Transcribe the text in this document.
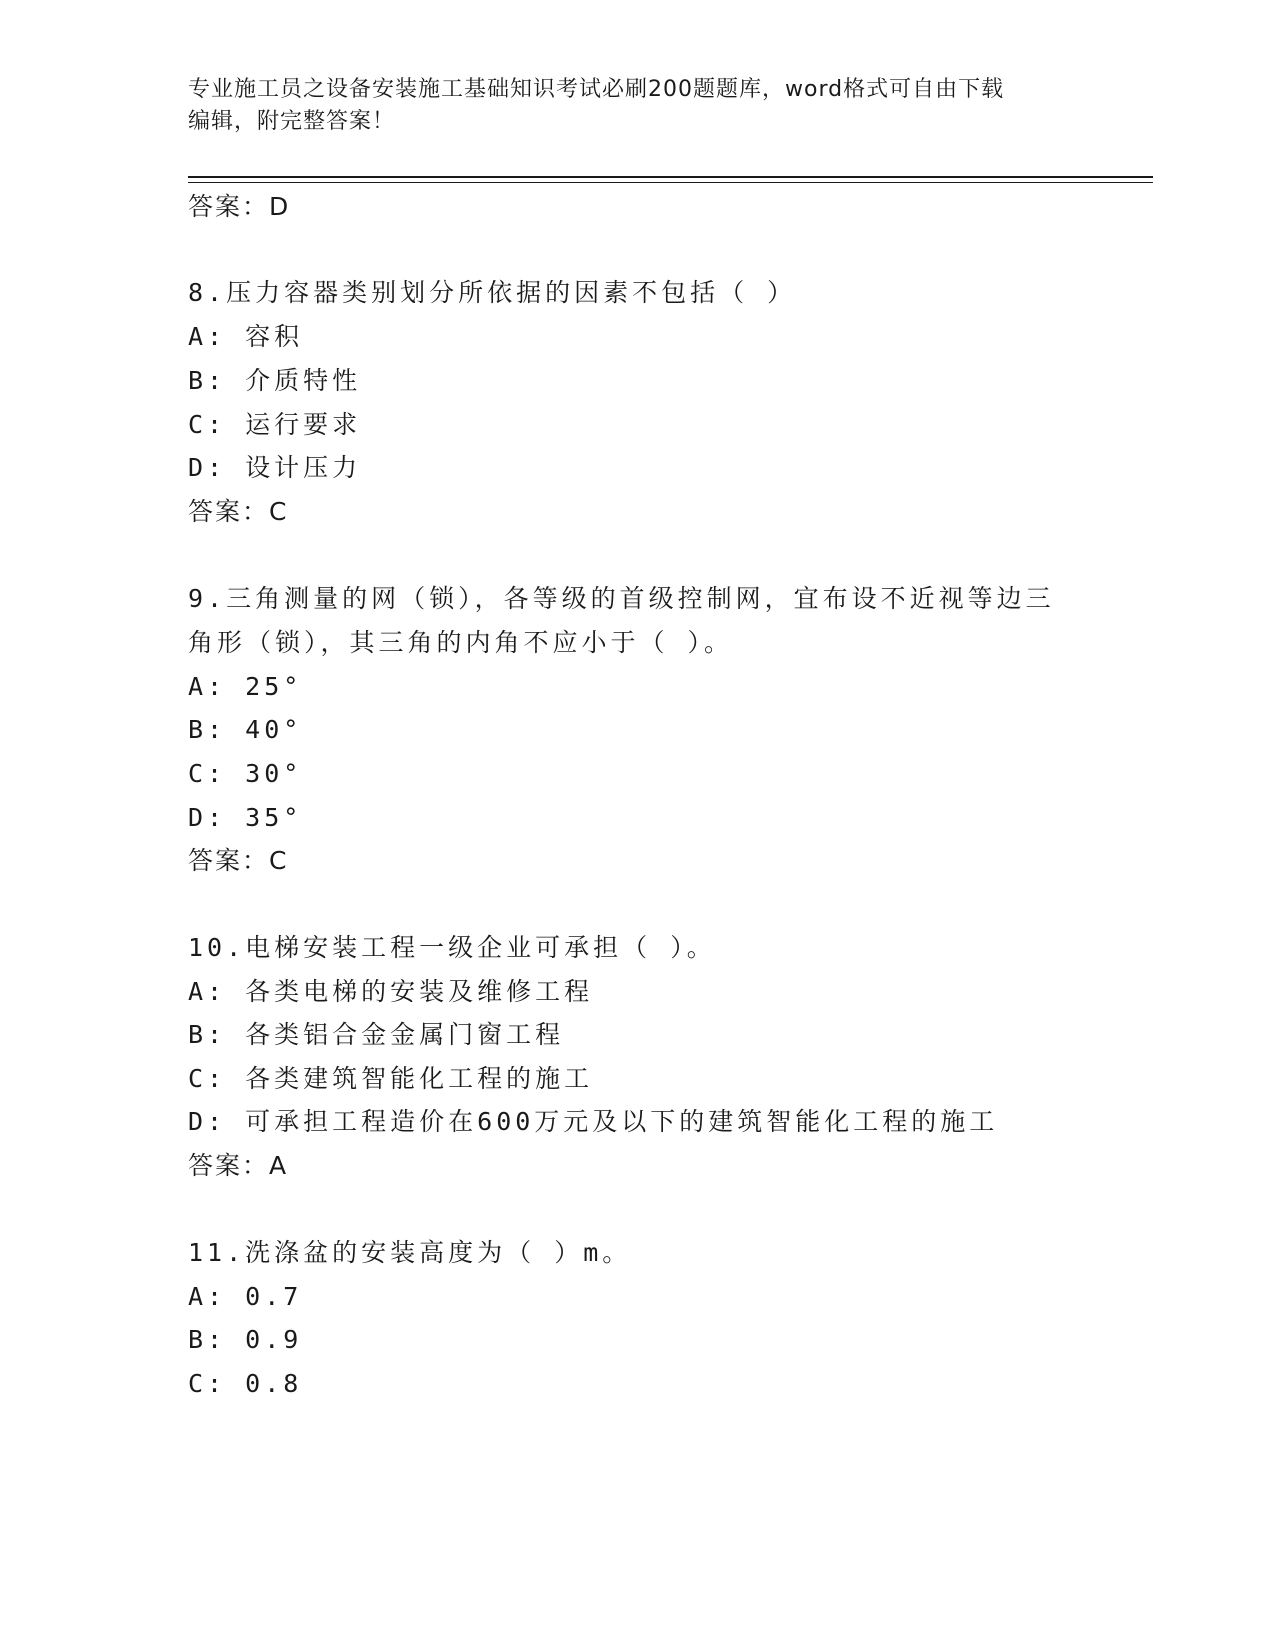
专业施工员之设备安装施工基础知识考试必刷200题题库，word格式可自由下载
编辑，附完整答案！
答案：D
8.压力容器类别划分所依据的因素不包括（ ）
A: 容积
B: 介质特性
C: 运行要求
D: 设计压力
答案：C
9.三角测量的网（锁），各等级的首级控制网，宜布设不近视等边三
角形（锁），其三角的内角不应小于（ ）。
A: 25°
B: 40°
C: 30°
D: 35°
答案：C
10.电梯安装工程一级企业可承担（ ）。
A: 各类电梯的安装及维修工程
B: 各类铝合金金属门窗工程
C: 各类建筑智能化工程的施工
D: 可承担工程造价在600万元及以下的建筑智能化工程的施工
答案：A
11.洗涤盆的安装高度为（ ）m。
A: 0.7
B: 0.9
C: 0.8
